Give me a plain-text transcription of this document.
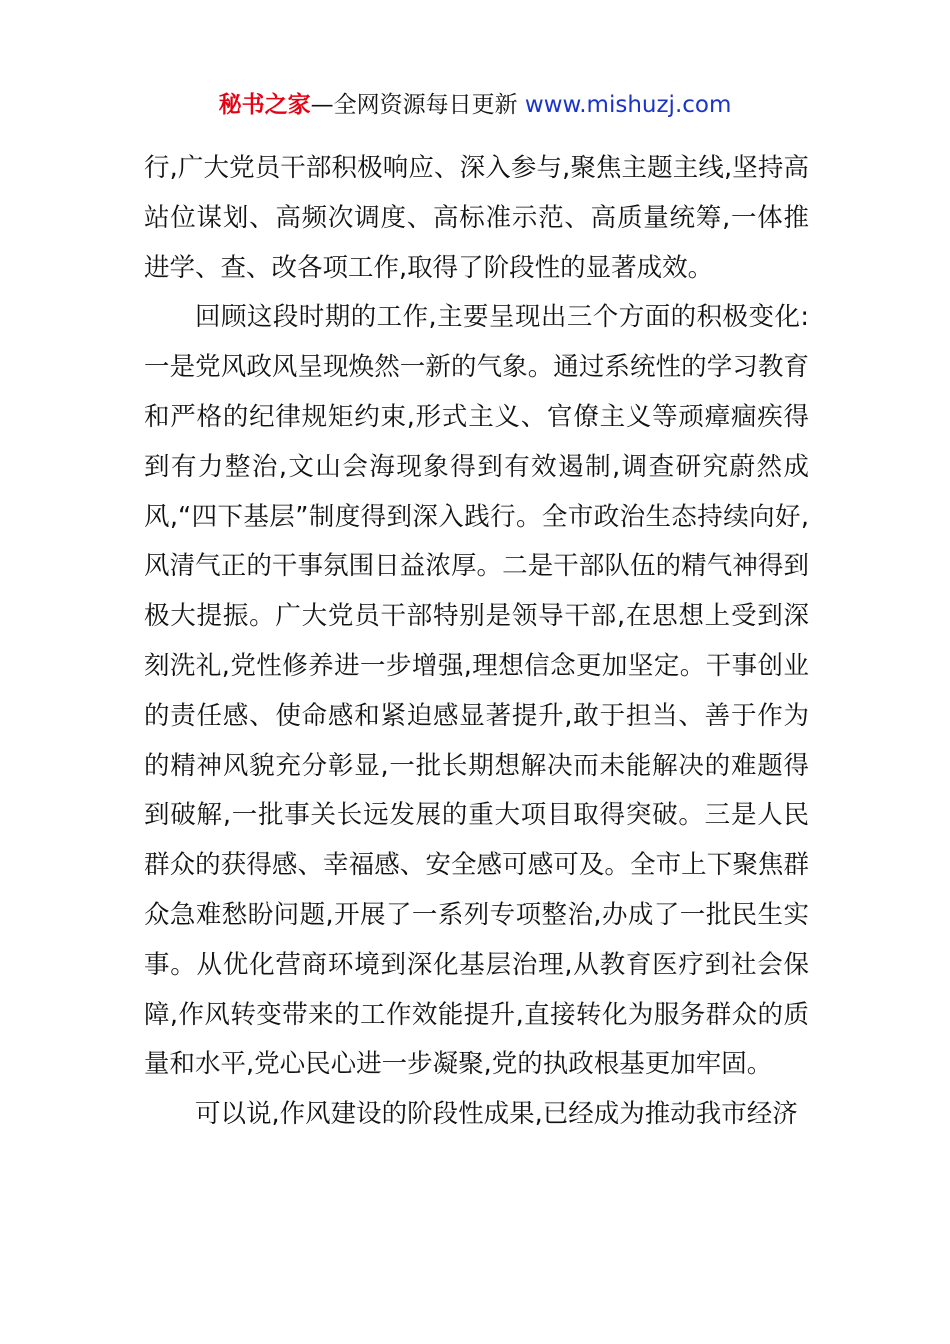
秘书之家—全网资源每日更新 www.mishuzj.com

行,广大党员干部积极响应、深入参与,聚焦主题主线,坚持高站位谋划、高频次调度、高标准示范、高质量统筹,一体推进学、查、改各项工作,取得了阶段性的显著成效。

回顾这段时期的工作,主要呈现出三个方面的积极变化:一是党风政风呈现焕然一新的气象。通过系统性的学习教育和严格的纪律规矩约束,形式主义、官僚主义等顽瘴痼疾得到有力整治,文山会海现象得到有效遏制,调查研究蔚然成风,“四下基层”制度得到深入践行。全市政治生态持续向好,风清气正的干事氛围日益浓厚。二是干部队伍的精气神得到极大提振。广大党员干部特别是领导干部,在思想上受到深刻洗礼,党性修养进一步增强,理想信念更加坚定。干事创业的责任感、使命感和紧迫感显著提升,敢于担当、善于作为的精神风貌充分彰显,一批长期想解决而未能解决的难题得到破解,一批事关长远发展的重大项目取得突破。三是人民群众的获得感、幸福感、安全感可感可及。全市上下聚焦群众急难愁盼问题,开展了一系列专项整治,办成了一批民生实事。从优化营商环境到深化基层治理,从教育医疗到社会保障,作风转变带来的工作效能提升,直接转化为服务群众的质量和水平,党心民心进一步凝聚,党的执政根基更加牢固。

可以说,作风建设的阶段性成果,已经成为推动我市经济
